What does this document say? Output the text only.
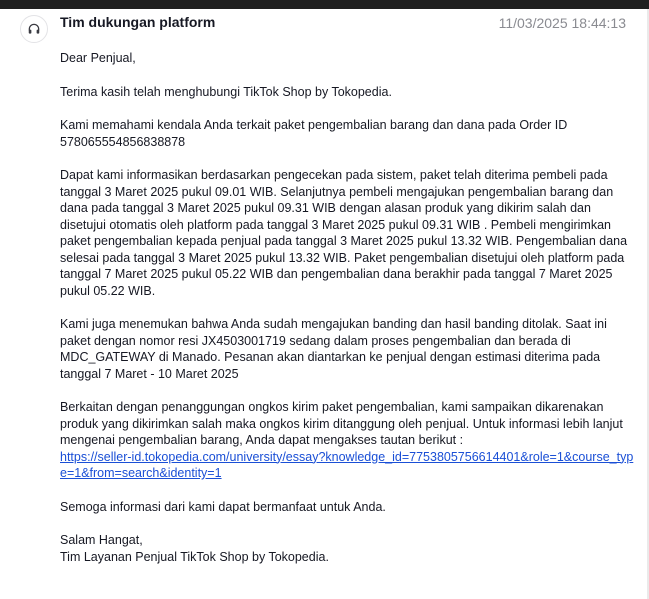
Tim dukungan platform	11/03/2025 18:44:13

Dear Penjual,

Terima kasih telah menghubungi TikTok Shop by Tokopedia.

Kami memahami kendala Anda terkait paket pengembalian barang dan dana pada Order ID
578065554856838878

Dapat kami informasikan berdasarkan pengecekan pada sistem, paket telah diterima pembeli pada tanggal 3 Maret 2025 pukul 09.01 WIB. Selanjutnya pembeli mengajukan pengembalian barang dan dana pada tanggal 3 Maret 2025 pukul 09.31 WIB dengan alasan produk yang dikirim salah dan disetujui otomatis oleh platform pada tanggal 3 Maret 2025 pukul 09.31 WIB . Pembeli mengirimkan paket pengembalian kepada penjual pada tanggal 3 Maret 2025 pukul 13.32 WIB. Pengembalian dana selesai pada tanggal 3 Maret 2025 pukul 13.32 WIB. Paket pengembalian disetujui oleh platform pada tanggal 7 Maret 2025 pukul 05.22 WIB dan pengembalian dana berakhir pada tanggal 7 Maret 2025 pukul 05.22 WIB.

Kami juga menemukan bahwa Anda sudah mengajukan banding dan hasil banding ditolak. Saat ini paket dengan nomor resi JX4503001719 sedang dalam proses pengembalian dan berada di MDC_GATEWAY di Manado. Pesanan akan diantarkan ke penjual dengan estimasi diterima pada tanggal 7 Maret - 10 Maret 2025

Berkaitan dengan penanggungan ongkos kirim paket pengembalian, kami sampaikan dikarenakan produk yang dikirimkan salah maka ongkos kirim ditanggung oleh penjual. Untuk informasi lebih lanjut mengenai pengembalian barang, Anda dapat mengakses tautan berikut :
https://seller-id.tokopedia.com/university/essay?knowledge_id=7753805756614401&role=1&course_type=1&from=search&identity=1

Semoga informasi dari kami dapat bermanfaat untuk Anda.

Salam Hangat,
Tim Layanan Penjual TikTok Shop by Tokopedia.
